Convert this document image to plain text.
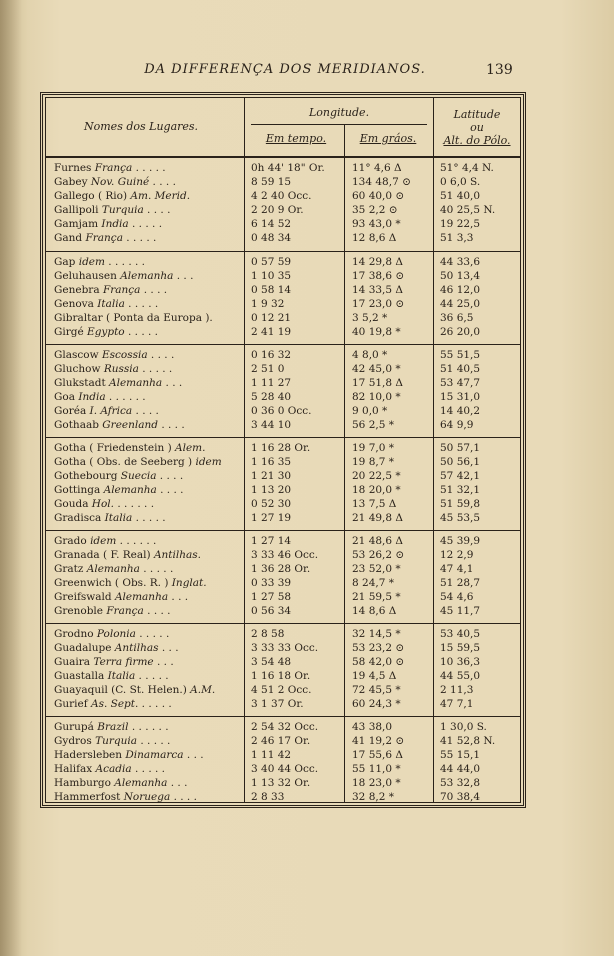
DA DIFFERENÇA DOS MERIDIANOS.	139
Nomes dos Lugares.
Longitude.
Em tempo.	Em gráos.
Latitude
ou
Alt. do Pólo.
Furnes França . . . . .	0h 44' 18" Or.	11° 4,6 Δ	51° 4,4 N.
Gabey Nov. Guiné . . . .	8 59 15	134 48,7 ⊙	0 6,0 S.
Gallego ( Rio) Am. Merid.	4 2 40 Occ.	60 40,0 ⊙	51 40,0
Gallipoli Turquia . . . .	2 20 9 Or.	35 2,2 ⊙	40 25,5 N.
Gamjam India . . . . .	6 14 52	93 43,0 *	19 22,5
Gand França . . . . .	0 48 34	12 8,6 Δ	51 3,3
Gap idem . . . . . .	0 57 59	14 29,8 Δ	44 33,6
Geluhausen Alemanha . . .	1 10 35	17 38,6 ⊙	50 13,4
Genebra França . . . .	0 58 14	14 33,5 Δ	46 12,0
Genova Italia . . . . .	1 9 32	17 23,0 ⊙	44 25,0
Gibraltar ( Ponta da Europa ).	0 12 21	3 5,2 *	36 6,5
Girgé Egypto . . . . .	2 41 19	40 19,8 *	26 20,0
Glascow Escossia . . . .	0 16 32	4 8,0 *	55 51,5
Gluchow Russia . . . . .	2 51 0	42 45,0 *	51 40,5
Glukstadt Alemanha . . .	1 11 27	17 51,8 Δ	53 47,7
Goa India . . . . . .	5 28 40	82 10,0 *	15 31,0
Goréa I. Africa . . . .	0 36 0 Occ.	9 0,0 *	14 40,2
Gothaab Greenland . . . .	3 44 10	56 2,5 *	64 9,9
Gotha ( Friedenstein ) Alem.	1 16 28 Or.	19 7,0 *	50 57,1
Gotha ( Obs. de Seeberg ) idem	1 16 35	19 8,7 *	50 56,1
Gothebourg Suecia . . . .	1 21 30	20 22,5 *	57 42,1
Gottinga Alemanha . . . .	1 13 20	18 20,0 *	51 32,1
Gouda Hol. . . . . . .	0 52 30	13 7,5 Δ	51 59,8
Gradisca Italia . . . . .	1 27 19	21 49,8 Δ	45 53,5
Grado idem . . . . . .	1 27 14	21 48,6 Δ	45 39,9
Granada ( F. Real) Antilhas.	3 33 46 Occ.	53 26,2 ⊙	12 2,9
Gratz Alemanha . . . . .	1 36 28 Or.	23 52,0 *	47 4,1
Greenwich ( Obs. R. ) Inglat.	0 33 39	8 24,7 *	51 28,7
Greifswald Alemanha . . .	1 27 58	21 59,5 *	54 4,6
Grenoble França . . . .	0 56 34	14 8,6 Δ	45 11,7
Grodno Polonia . . . . .	2 8 58	32 14,5 *	53 40,5
Guadalupe Antilhas . . .	3 33 33 Occ.	53 23,2 ⊙	15 59,5
Guaira Terra firme . . .	3 54 48	58 42,0 ⊙	10 36,3
Guastalla Italia . . . . .	1 16 18 Or.	19 4,5 Δ	44 55,0
Guayaquil (C. St. Helen.) A.M.	4 51 2 Occ.	72 45,5 *	2 11,3
Gurief As. Sept. . . . . .	3 1 37 Or.	60 24,3 *	47 7,1
Gurupá Brazil . . . . . .	2 54 32 Occ.	43 38,0	1 30,0 S.
Gydros Turquia . . . . .	2 46 17 Or.	41 19,2 ⊙	41 52,8 N.
Hadersleben Dinamarca . . .	1 11 42	17 55,6 Δ	55 15,1
Halifax Acadia . . . . .	3 40 44 Occ.	55 11,0 *	44 44,0
Hamburgo Alemanha . . .	1 13 32 Or.	18 23,0 *	53 32,8
Hammerfost Noruega . . . .	2 8 33	32 8,2 *	70 38,4
